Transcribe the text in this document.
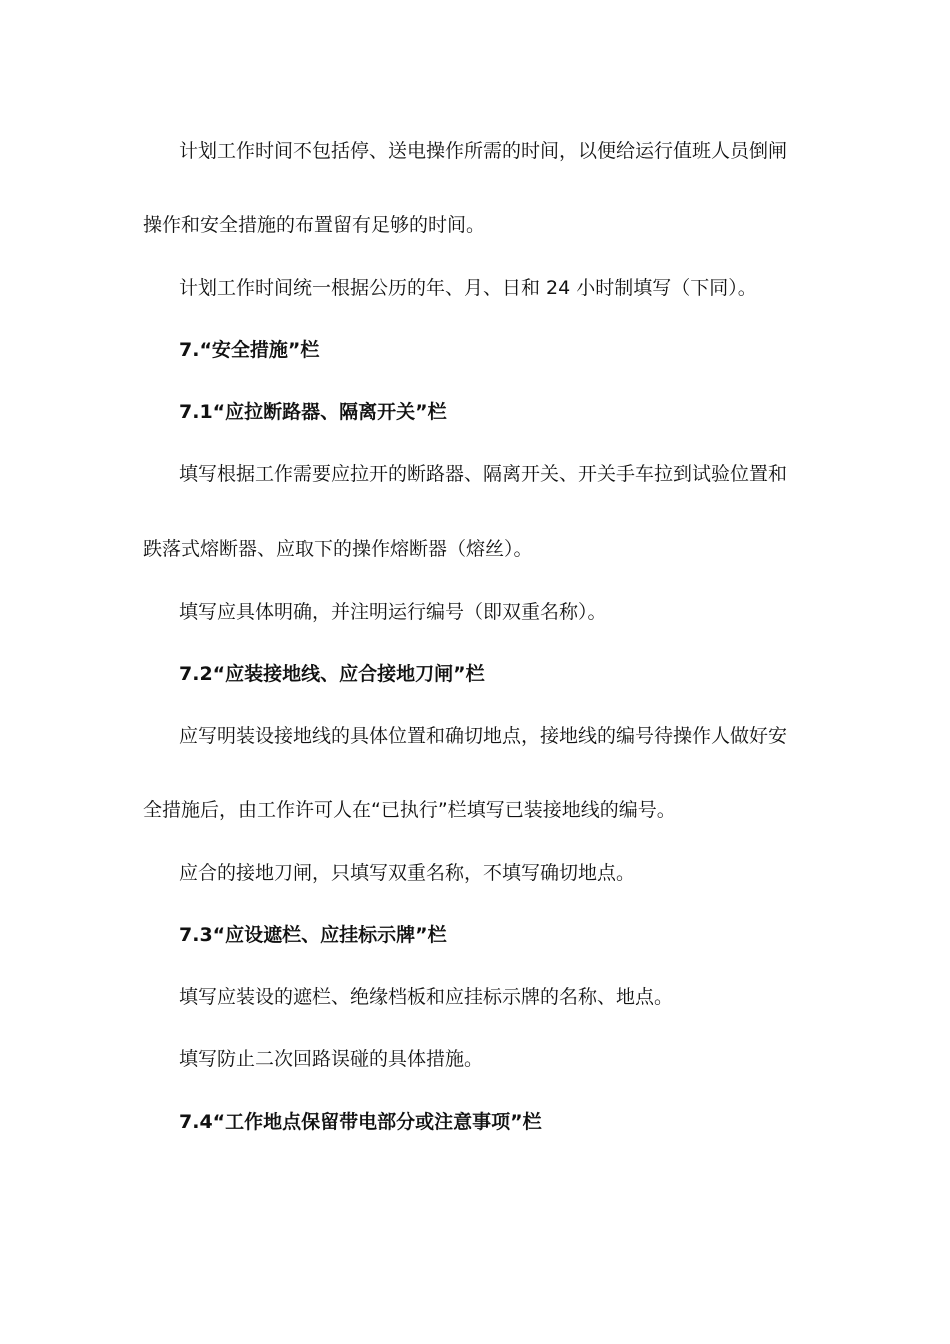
计划工作时间不包括停、送电操作所需的时间，以便给运行值班人员倒闸

操作和安全措施的布置留有足够的时间。

计划工作时间统一根据公历的年、月、日和 24 小时制填写（下同）。

7.“安全措施”栏

7.1“应拉断路器、隔离开关”栏

填写根据工作需要应拉开的断路器、隔离开关、开关手车拉到试验位置和

跌落式熔断器、应取下的操作熔断器（熔丝）。

填写应具体明确，并注明运行编号（即双重名称）。

7.2“应装接地线、应合接地刀闸”栏

应写明装设接地线的具体位置和确切地点，接地线的编号待操作人做好安

全措施后，由工作许可人在“已执行”栏填写已装接地线的编号。

应合的接地刀闸，只填写双重名称，不填写确切地点。

7.3“应设遮栏、应挂标示牌”栏

填写应装设的遮栏、绝缘档板和应挂标示牌的名称、地点。

填写防止二次回路误碰的具体措施。

7.4“工作地点保留带电部分或注意事项”栏
